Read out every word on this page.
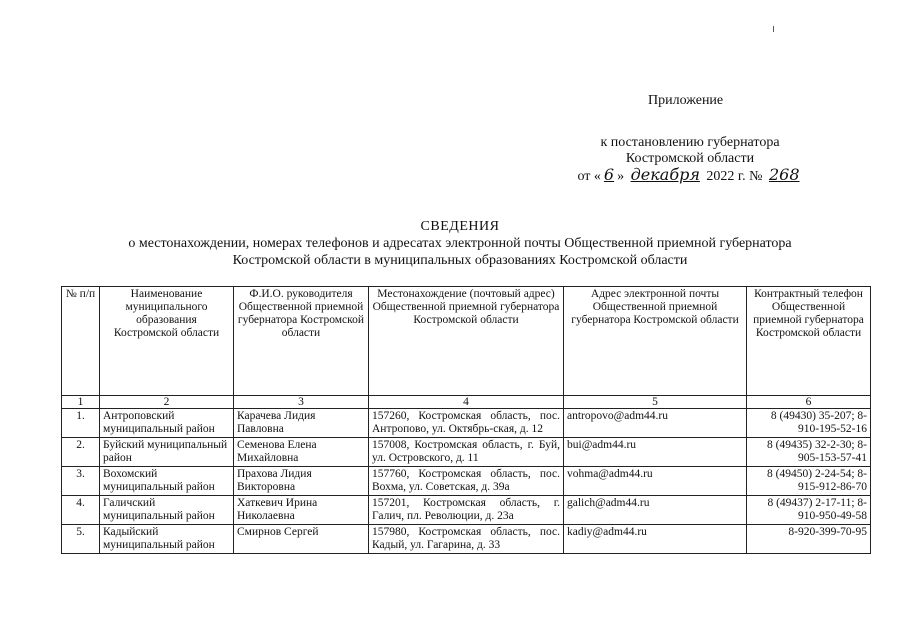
Приложение
к постановлению губернатора
Костромской области
от « 6 » декабря 2022 г. № 268
СВЕДЕНИЯ
о местонахождении, номерах телефонов и адресатах электронной почты Общественной приемной губернатора
Костромской области в муниципальных образованиях Костромской области
№ п/п	Наименование муниципального образования Костромской области	Ф.И.О. руководителя Общественной приемной губернатора Костромской области	Местонахождение (почтовый адрес) Общественной приемной губернатора Костромской области	Адрес электронной почты Общественной приемной губернатора Костромской области	Контрактный телефон Общественной приемной губернатора Костромской области
1	2	3	4	5	6
1.	Антроповский муниципальный район	Карачева Лидия Павловна	157260, Костромская область, пос. Антропово, ул. Октябрь-ская, д. 12	antropovo@adm44.ru	8 (49430) 35-207; 8-910-195-52-16
2.	Буйский муниципальный район	Семенова Елена Михайловна	157008, Костромская область, г. Буй, ул. Островского, д. 11	bui@adm44.ru	8 (49435) 32-2-30; 8-905-153-57-41
3.	Вохомский муниципальный район	Прахова Лидия Викторовна	157760, Костромская область, пос. Вохма, ул. Советская, д. 39а	vohma@adm44.ru	8 (49450) 2-24-54; 8-915-912-86-70
4.	Галичский муниципальный район	Хаткевич Ирина Николаевна	157201, Костромская область, г. Галич, пл. Революции, д. 23а	galich@adm44.ru	8 (49437) 2-17-11; 8-910-950-49-58
5.	Кадыйский муниципальный район	Смирнов Сергей	157980, Костромская область, пос. Кадый, ул. Гагарина, д. 33	kadiy@adm44.ru	8-920-399-70-95
